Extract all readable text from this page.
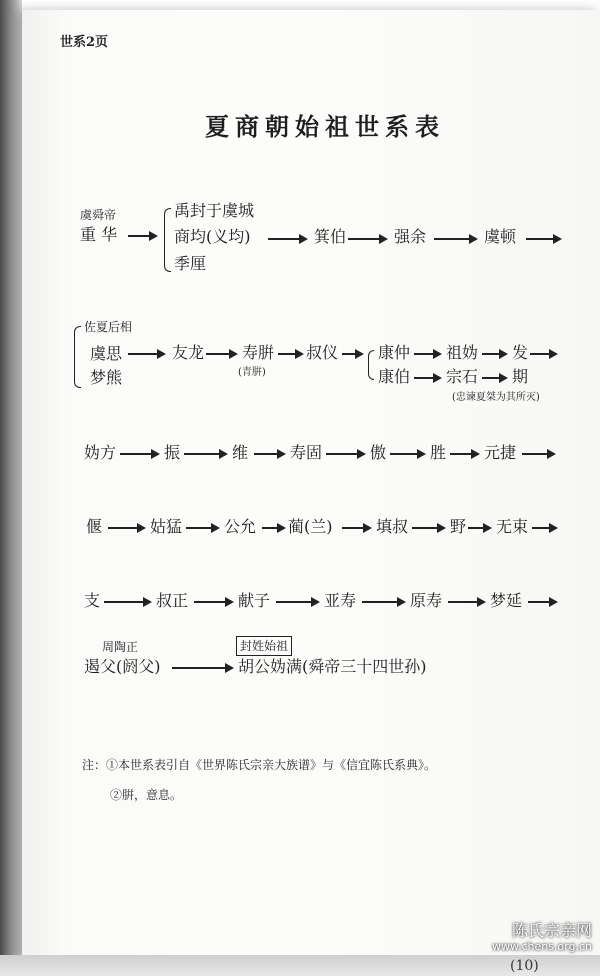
世系2页
夏商朝始祖世系表
虞舜帝
重 华
禹封于虞城
商均(义均)
季厘
箕伯	强余	虞顿
佐夏后相
虞思
梦熊
友龙 寿腁
(青腁)
叔仪 康仲
康伯
祖妫 发
宗石 期
(忠谏夏桀为其所灭)
妫方	振	维	寿固	傲	胜 元捷
偃	姑猛	公允 蔺(兰)	填叔	野 无束
支	叔正	献子	亚寿	原寿	梦延
周陶正	封姓始祖
遏父(阏父)	胡公妫满(舜帝三十四世孙)
注：①本世系表引自《世界陈氏宗亲大族谱》与《信宜陈氏系典》。
②腁，意息。
陈氏宗亲网
www.chens.org.cn
(10)
